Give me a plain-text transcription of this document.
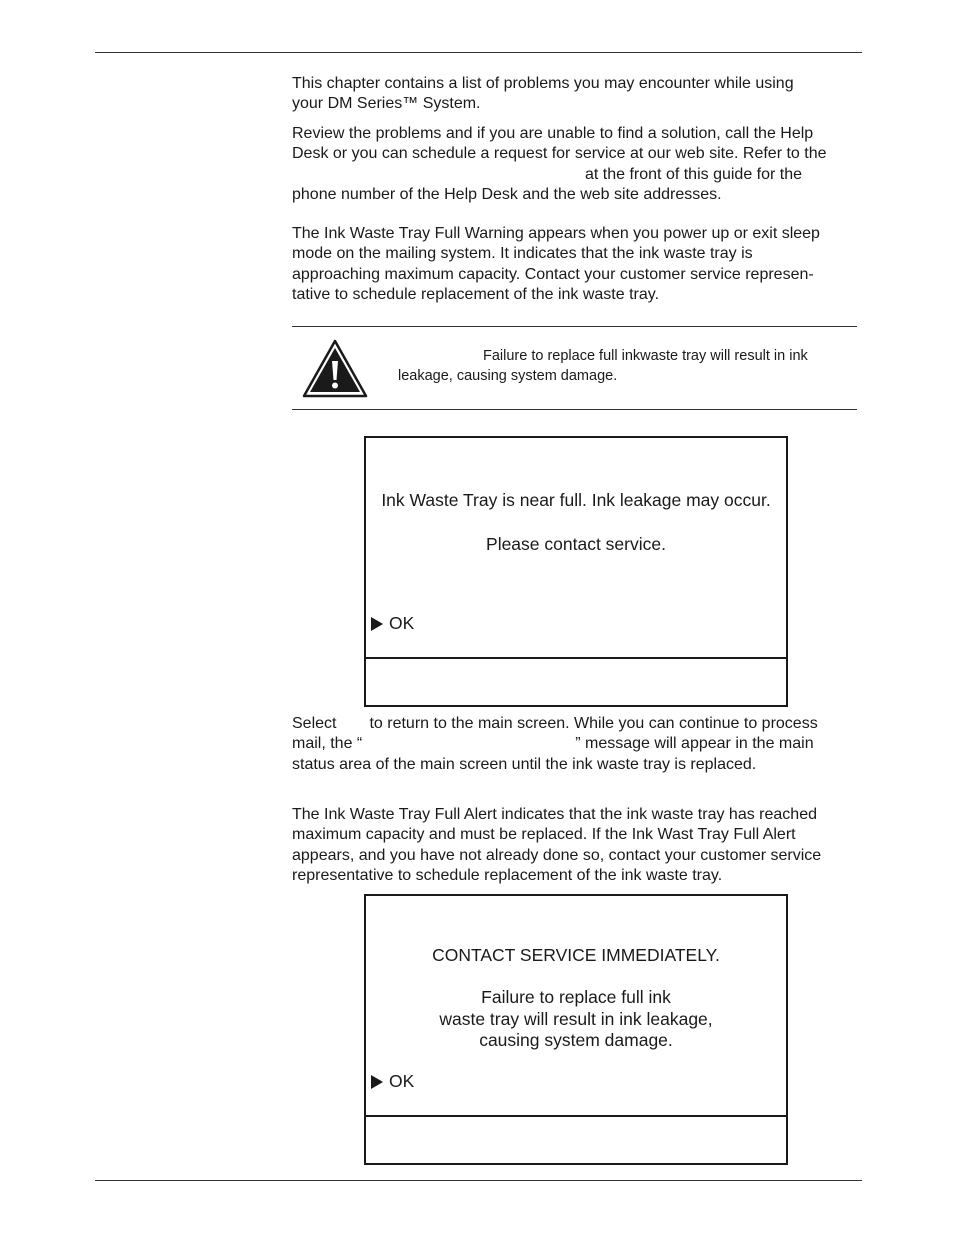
This chapter contains a list of problems you may encounter while using
your DM Series™ System.

Review the problems and if you are unable to find a solution, call the Help
Desk or you can schedule a request for service at our web site. Refer to the
at the front of this guide for the
phone number of the Help Desk and the web site addresses.

The Ink Waste Tray Full Warning appears when you power up or exit sleep
mode on the mailing system. It indicates that the ink waste tray is
approaching maximum capacity. Contact your customer service represen-
tative to schedule replacement of the ink waste tray.

Failure to replace full inkwaste tray will result in ink
leakage, causing system damage.
Ink Waste Tray is near full. Ink leakage may occur.
Please contact service.
OK

Select to return to the main screen. While you can continue to process
mail, the “	” message will appear in the main
status area of the main screen until the ink waste tray is replaced.

The Ink Waste Tray Full Alert indicates that the ink waste tray has reached
maximum capacity and must be replaced. If the Ink Wast Tray Full Alert
appears, and you have not already done so, contact your customer service
representative to schedule replacement of the ink waste tray.

CONTACT SERVICE IMMEDIATELY.
Failure to replace full ink
waste tray will result in ink leakage,
causing system damage.
OK
